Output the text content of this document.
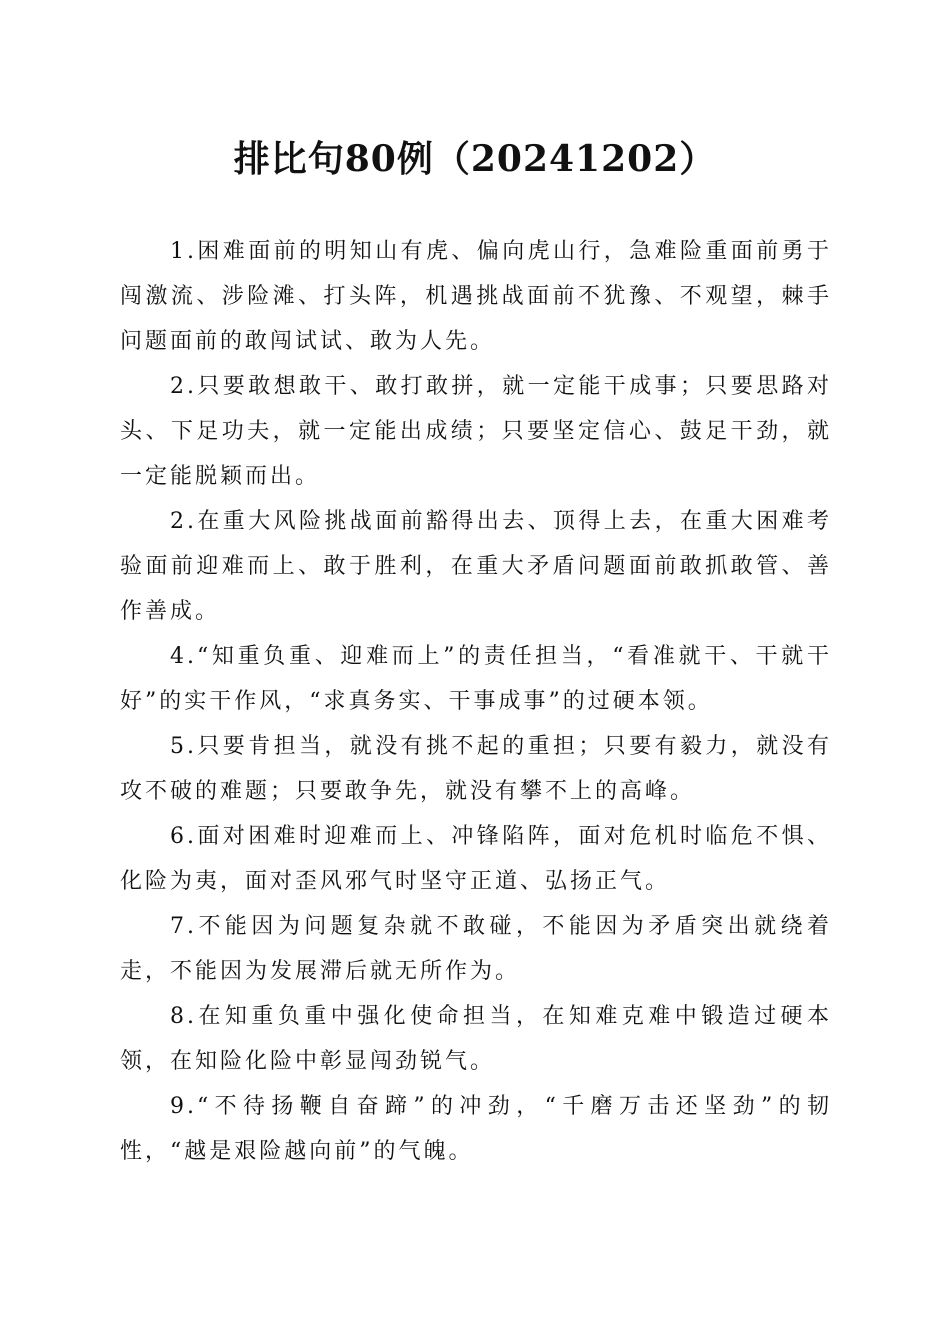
排比句80例（20241202）

1.困难面前的明知山有虎、偏向虎山行，急难险重面前勇于闯激流、涉险滩、打头阵，机遇挑战面前不犹豫、不观望，棘手问题面前的敢闯试试、敢为人先。

2.只要敢想敢干、敢打敢拼，就一定能干成事；只要思路对头、下足功夫，就一定能出成绩；只要坚定信心、鼓足干劲，就一定能脱颖而出。

2.在重大风险挑战面前豁得出去、顶得上去，在重大困难考验面前迎难而上、敢于胜利，在重大矛盾问题面前敢抓敢管、善作善成。

4.“知重负重、迎难而上”的责任担当，“看准就干、干就干好”的实干作风，“求真务实、干事成事”的过硬本领。

5.只要肯担当，就没有挑不起的重担；只要有毅力，就没有攻不破的难题；只要敢争先，就没有攀不上的高峰。

6.面对困难时迎难而上、冲锋陷阵，面对危机时临危不惧、化险为夷，面对歪风邪气时坚守正道、弘扬正气。

7.不能因为问题复杂就不敢碰，不能因为矛盾突出就绕着走，不能因为发展滞后就无所作为。

8.在知重负重中强化使命担当，在知难克难中锻造过硬本领，在知险化险中彰显闯劲锐气。

9.“不待扬鞭自奋蹄”的冲劲，“千磨万击还坚劲”的韧性，“越是艰险越向前”的气魄。
